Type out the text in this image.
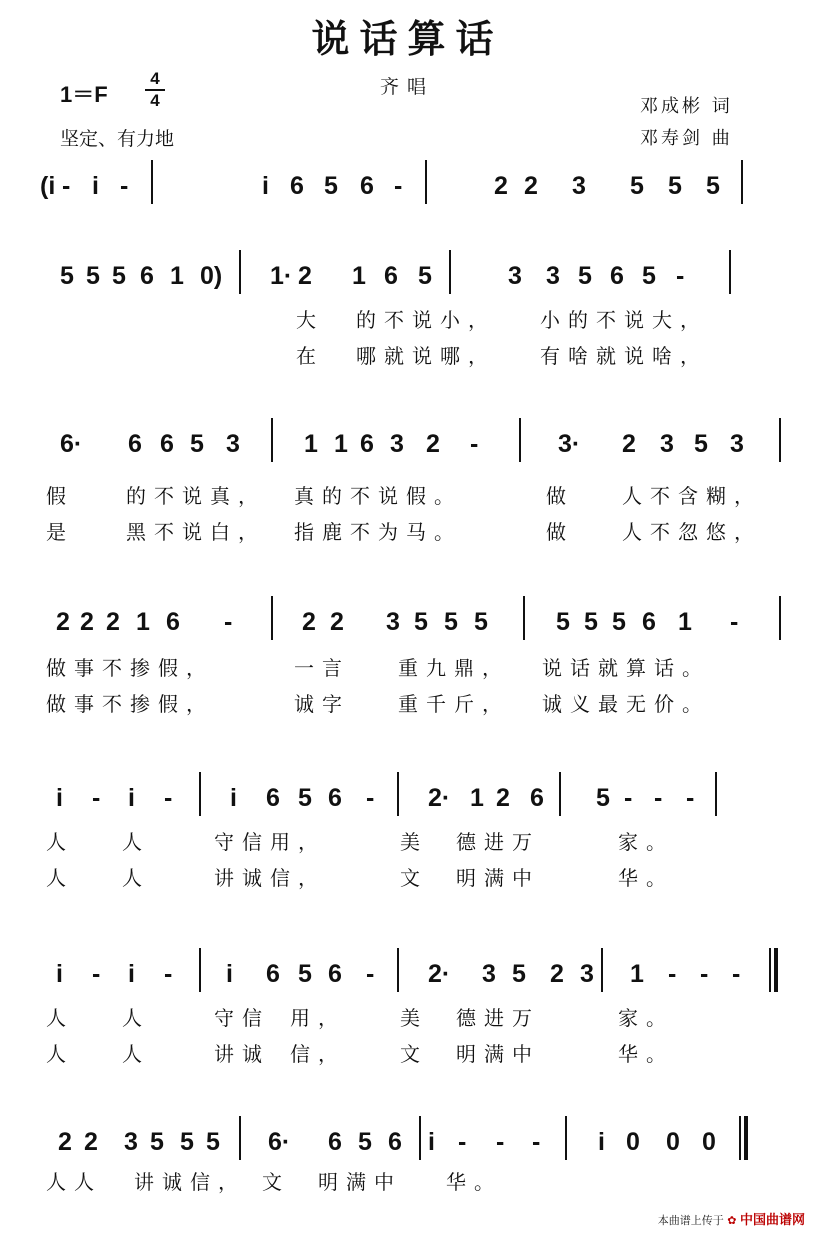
说话算话
1＝F
4
4
齐唱
坚定、有力地
邓成彬 词
邓寿剑 曲
(i - i -	i 6 5 6 -	2 2 3 5 5 5
5 5 5 6 1 0) 1· 2 1 6 5	3 3 5 6 5 -
6· 6 6 5 3	1 1 6 3 2 -	3· 2 3 5 3
2 2 2 1 6 -	2 2 3 5 5 5	5 5 5 6 1 -
i - i - i 6 5 6 - 2· 1 2 6 5 - - -
i - i - i 6 5 6 - 2· 3 5 2 3 1 - - -
2 2 3 5 5 5 6· 6 5 6 i - - - i 0 0 0
本曲谱上传于 ✿ 中国曲谱网
大 的不说小， 小的不说大，
在 哪就说哪， 有啥就说啥，
假	的不说真， 真的不说假。	做 人不含糊，
是	黑不说白， 指鹿不为马。	做 人不忽悠，
做事不掺假，	一言 重九鼎， 说话就算话。
做事不掺假，	诚字 重千斤， 诚义最无价。
人 人	守信用，	美 德进万	家。
人 人	讲诚信，	文 明满中	华。
人 人	守信 用，	美 德进万	家。
人 人	讲诚 信，	文 明满中	华。
人人 讲诚信， 文 明满中 华。
